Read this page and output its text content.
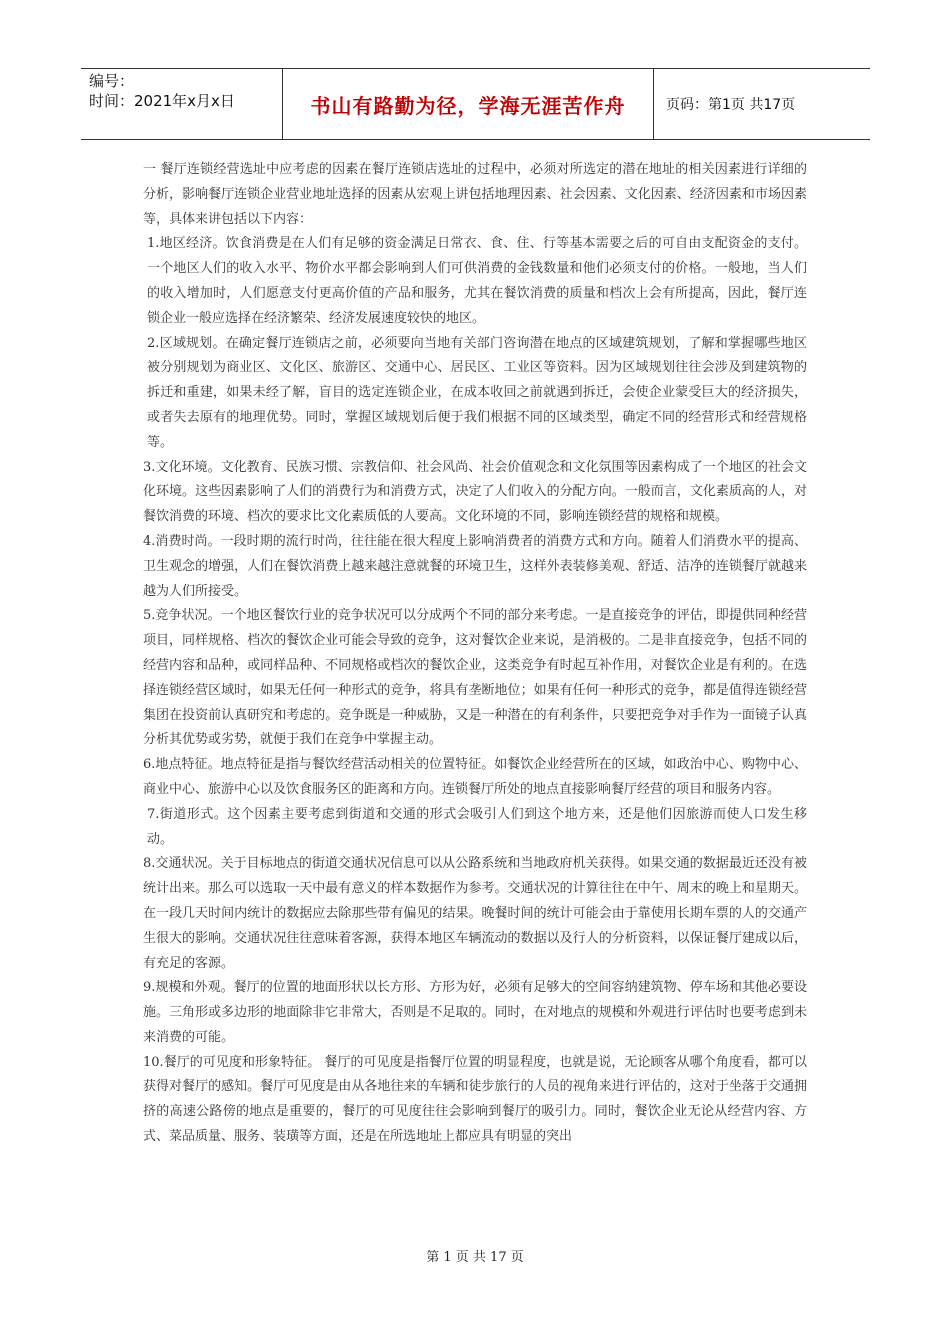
编号：
时间：2021年x月x日	书山有路勤为径，学海无涯苦作舟	页码：第1页 共17页

一 餐厅连锁经营选址中应考虑的因素在餐厅连锁店选址的过程中，必须对所选定的潜在地址的相关因素进行详细的分析，影响餐厅连锁企业营业地址选择的因素从宏观上讲包括地理因素、社会因素、文化因素、经济因素和市场因素等，具体来讲包括以下内容：

1.地区经济。饮食消费是在人们有足够的资金满足日常衣、食、住、行等基本需要之后的可自由支配资金的支付。一个地区人们的收入水平、物价水平都会影响到人们可供消费的金钱数量和他们必须支付的价格。一般地，当人们的收入增加时，人们愿意支付更高价值的产品和服务，尤其在餐饮消费的质量和档次上会有所提高，因此，餐厅连锁企业一般应选择在经济繁荣、经济发展速度较快的地区。

2.区域规划。在确定餐厅连锁店之前，必须要向当地有关部门咨询潜在地点的区域建筑规划，了解和掌握哪些地区被分别规划为商业区、文化区、旅游区、交通中心、居民区、工业区等资料。因为区域规划往往会涉及到建筑物的拆迁和重建，如果未经了解，盲目的选定连锁企业，在成本收回之前就遇到拆迁，会使企业蒙受巨大的经济损失，或者失去原有的地理优势。同时，掌握区域规划后便于我们根据不同的区域类型，确定不同的经营形式和经营规格等。

3.文化环境。文化教育、民族习惯、宗教信仰、社会风尚、社会价值观念和文化氛围等因素构成了一个地区的社会文化环境。这些因素影响了人们的消费行为和消费方式，决定了人们收入的分配方向。一般而言，文化素质高的人，对餐饮消费的环境、档次的要求比文化素质低的人要高。文化环境的不同，影响连锁经营的规格和规模。

4.消费时尚。一段时期的流行时尚，往往能在很大程度上影响消费者的消费方式和方向。随着人们消费水平的提高、卫生观念的增强，人们在餐饮消费上越来越注意就餐的环境卫生，这样外表装修美观、舒适、洁净的连锁餐厅就越来越为人们所接受。

5.竞争状况。一个地区餐饮行业的竞争状况可以分成两个不同的部分来考虑。一是直接竞争的评估，即提供同种经营项目，同样规格、档次的餐饮企业可能会导致的竞争，这对餐饮企业来说，是消极的。二是非直接竞争，包括不同的经营内容和品种，或同样品种、不同规格或档次的餐饮企业，这类竞争有时起互补作用，对餐饮企业是有利的。在选择连锁经营区域时，如果无任何一种形式的竞争，将具有垄断地位；如果有任何一种形式的竞争，都是值得连锁经营集团在投资前认真研究和考虑的。竞争既是一种威胁，又是一种潜在的有利条件，只要把竞争对手作为一面镜子认真分析其优势或劣势，就便于我们在竞争中掌握主动。

6.地点特征。地点特征是指与餐饮经营活动相关的位置特征。如餐饮企业经营所在的区域，如政治中心、购物中心、商业中心、旅游中心以及饮食服务区的距离和方向。连锁餐厅所处的地点直接影响餐厅经营的项目和服务内容。

7.街道形式。这个因素主要考虑到街道和交通的形式会吸引人们到这个地方来，还是他们因旅游而使人口发生移动。

8.交通状况。关于目标地点的街道交通状况信息可以从公路系统和当地政府机关获得。如果交通的数据最近还没有被统计出来。那么可以选取一天中最有意义的样本数据作为参考。交通状况的计算往往在中午、周末的晚上和星期天。在一段几天时间内统计的数据应去除那些带有偏见的结果。晚餐时间的统计可能会由于靠使用长期车票的人的交通产生很大的影响。交通状况往往意味着客源，获得本地区车辆流动的数据以及行人的分析资料，以保证餐厅建成以后，有充足的客源。

9.规模和外观。餐厅的位置的地面形状以长方形、方形为好，必须有足够大的空间容纳建筑物、停车场和其他必要设施。三角形或多边形的地面除非它非常大，否则是不足取的。同时，在对地点的规模和外观进行评估时也要考虑到未来消费的可能。

10.餐厅的可见度和形象特征。 餐厅的可见度是指餐厅位置的明显程度，也就是说，无论顾客从哪个角度看，都可以获得对餐厅的感知。餐厅可见度是由从各地往来的车辆和徒步旅行的人员的视角来进行评估的，这对于坐落于交通拥挤的高速公路傍的地点是重要的，餐厅的可见度往往会影响到餐厅的吸引力。同时，餐饮企业无论从经营内容、方式、菜品质量、服务、装璜等方面，还是在所选地址上都应具有明显的突出

第 1 页 共 17 页
